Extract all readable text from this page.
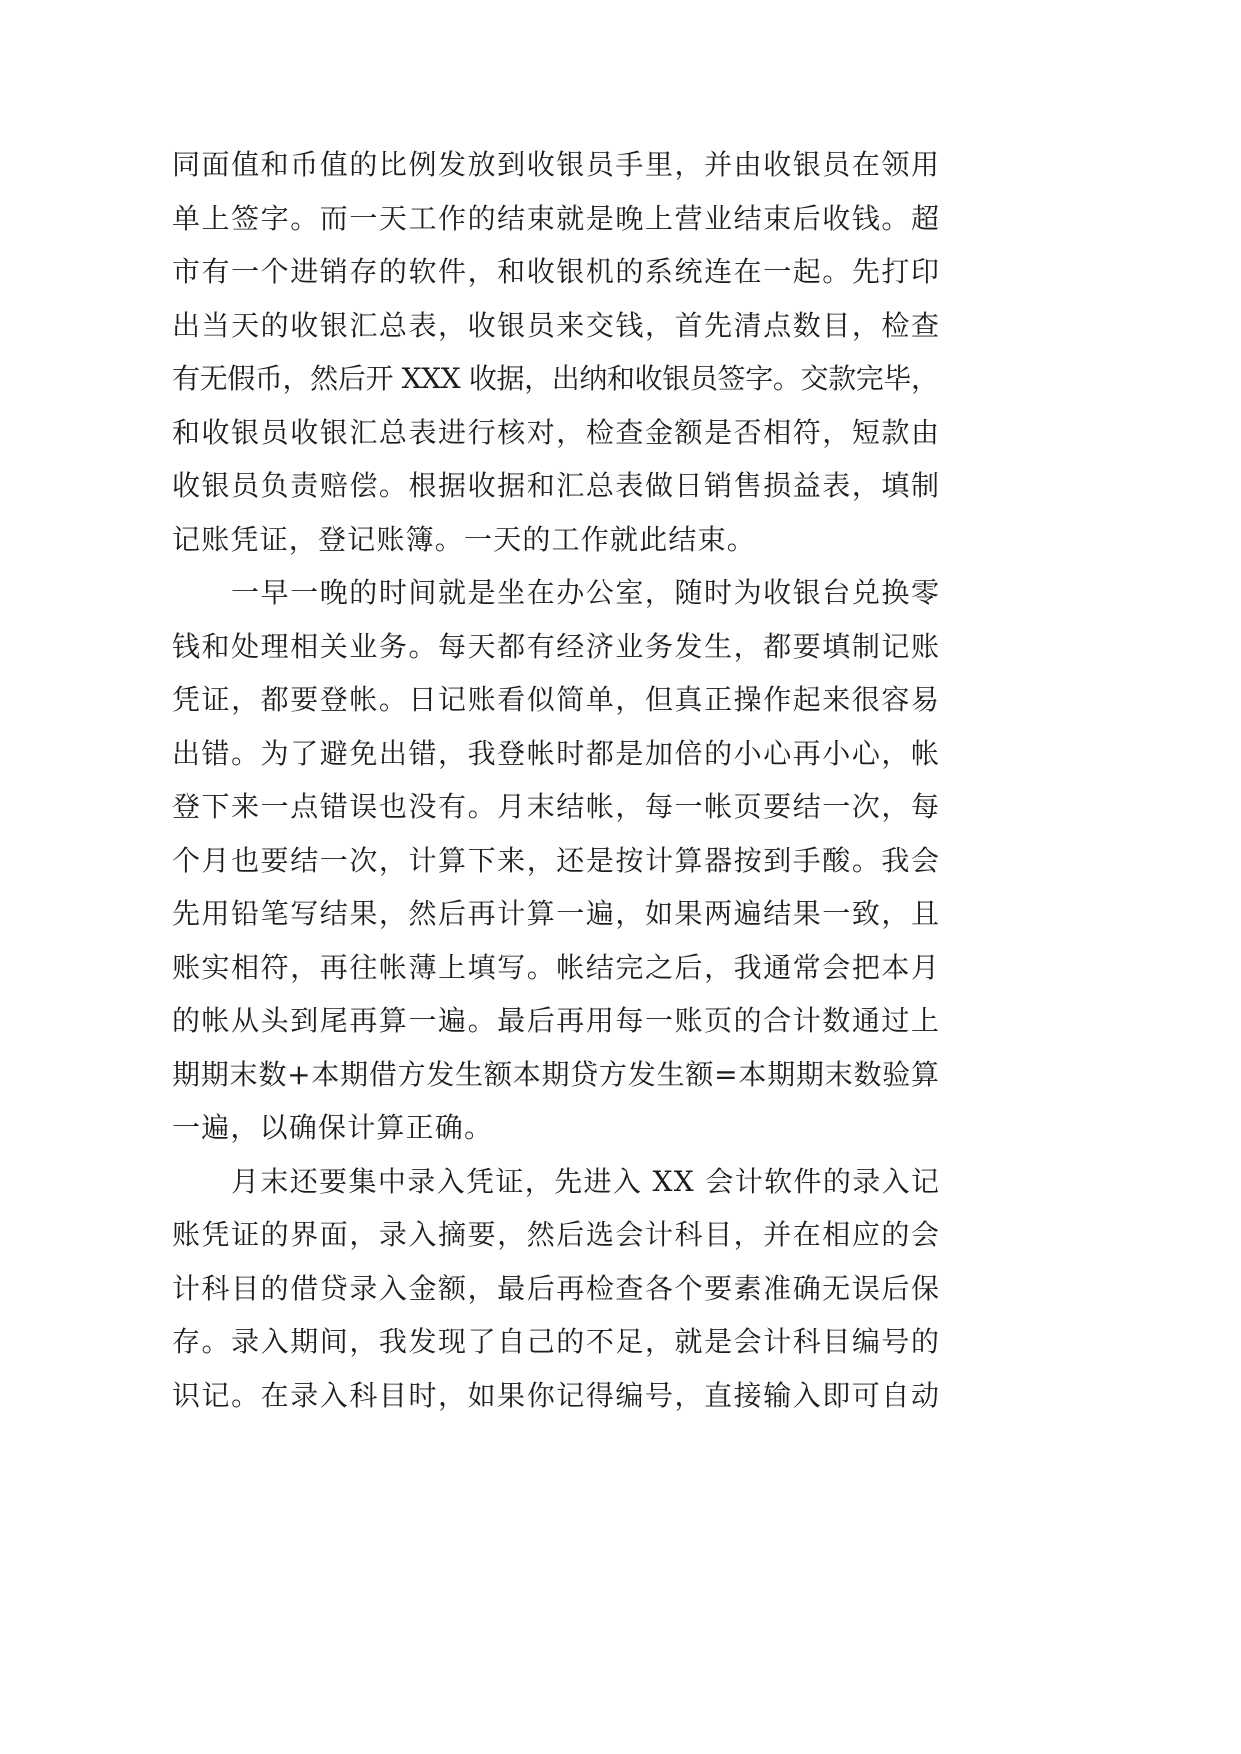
同面值和币值的比例发放到收银员手里，并由收银员在领用
单上签字。而一天工作的结束就是晚上营业结束后收钱。超
市有一个进销存的软件，和收银机的系统连在一起。先打印
出当天的收银汇总表，收银员来交钱，首先清点数目，检查
有无假币，然后开 XXX 收据，出纳和收银员签字。交款完毕，
和收银员收银汇总表进行核对，检查金额是否相符，短款由
收银员负责赔偿。根据收据和汇总表做日销售损益表，填制
记账凭证，登记账簿。一天的工作就此结束。
一早一晚的时间就是坐在办公室，随时为收银台兑换零
钱和处理相关业务。每天都有经济业务发生，都要填制记账
凭证，都要登帐。日记账看似简单，但真正操作起来很容易
出错。为了避免出错，我登帐时都是加倍的小心再小心，帐
登下来一点错误也没有。月末结帐，每一帐页要结一次，每
个月也要结一次，计算下来，还是按计算器按到手酸。我会
先用铅笔写结果，然后再计算一遍，如果两遍结果一致，且
账实相符，再往帐薄上填写。帐结完之后，我通常会把本月
的帐从头到尾再算一遍。最后再用每一账页的合计数通过上
期期末数+本期借方发生额本期贷方发生额=本期期末数验算
一遍，以确保计算正确。
月末还要集中录入凭证，先进入 XX 会计软件的录入记
账凭证的界面，录入摘要，然后选会计科目，并在相应的会
计科目的借贷录入金额，最后再检查各个要素准确无误后保
存。录入期间，我发现了自己的不足，就是会计科目编号的
识记。在录入科目时，如果你记得编号，直接输入即可自动
